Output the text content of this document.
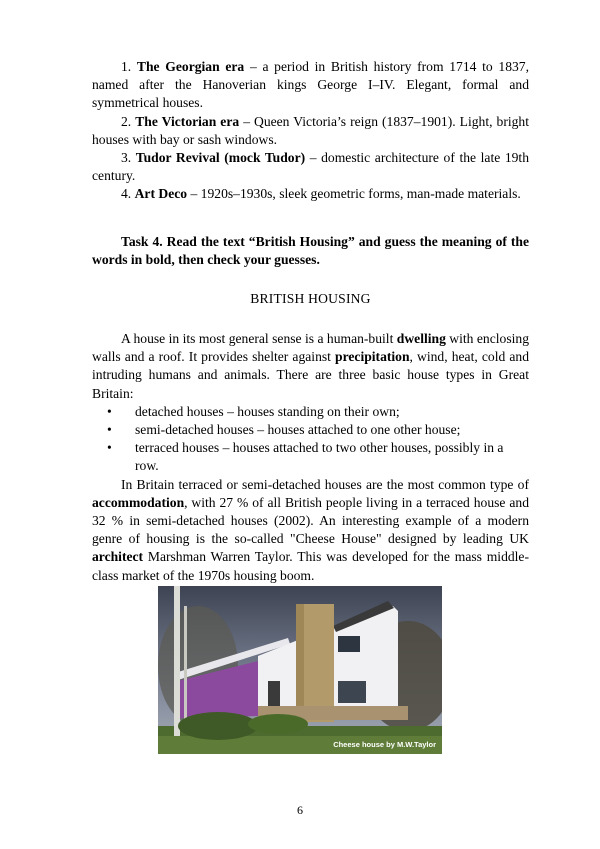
1. The Georgian era – a period in British history from 1714 to 1837, named after the Hanoverian kings George I–IV. Elegant, formal and symmetrical houses.

2. The Victorian era – Queen Victoria’s reign (1837–1901). Light, bright houses with bay or sash windows.

3. Tudor Revival (mock Tudor) – domestic architecture of the late 19th century.

4. Art Deco – 1920s–1930s, sleek geometric forms, man-made materials.

Task 4. Read the text “British Housing” and guess the meaning of the words in bold, then check your guesses.

BRITISH HOUSING

A house in its most general sense is a human-built dwelling with enclosing walls and a roof. It provides shelter against precipitation, wind, heat, cold and intruding humans and animals. There are three basic house types in Great Britain:

• detached houses – houses standing on their own;
• semi-detached houses – houses attached to one other house;
• terraced houses – houses attached to two other houses, possibly in a row.

In Britain terraced or semi-detached houses are the most common type of accommodation, with 27 % of all British people living in a terraced house and 32 % in semi-detached houses (2002). An interesting example of a modern genre of housing is the so-called "Cheese House" designed by leading UK architect Marshman Warren Taylor. This was developed for the mass middle-class market of the 1970s housing boom.

Cheese house by M.W.Taylor
6
